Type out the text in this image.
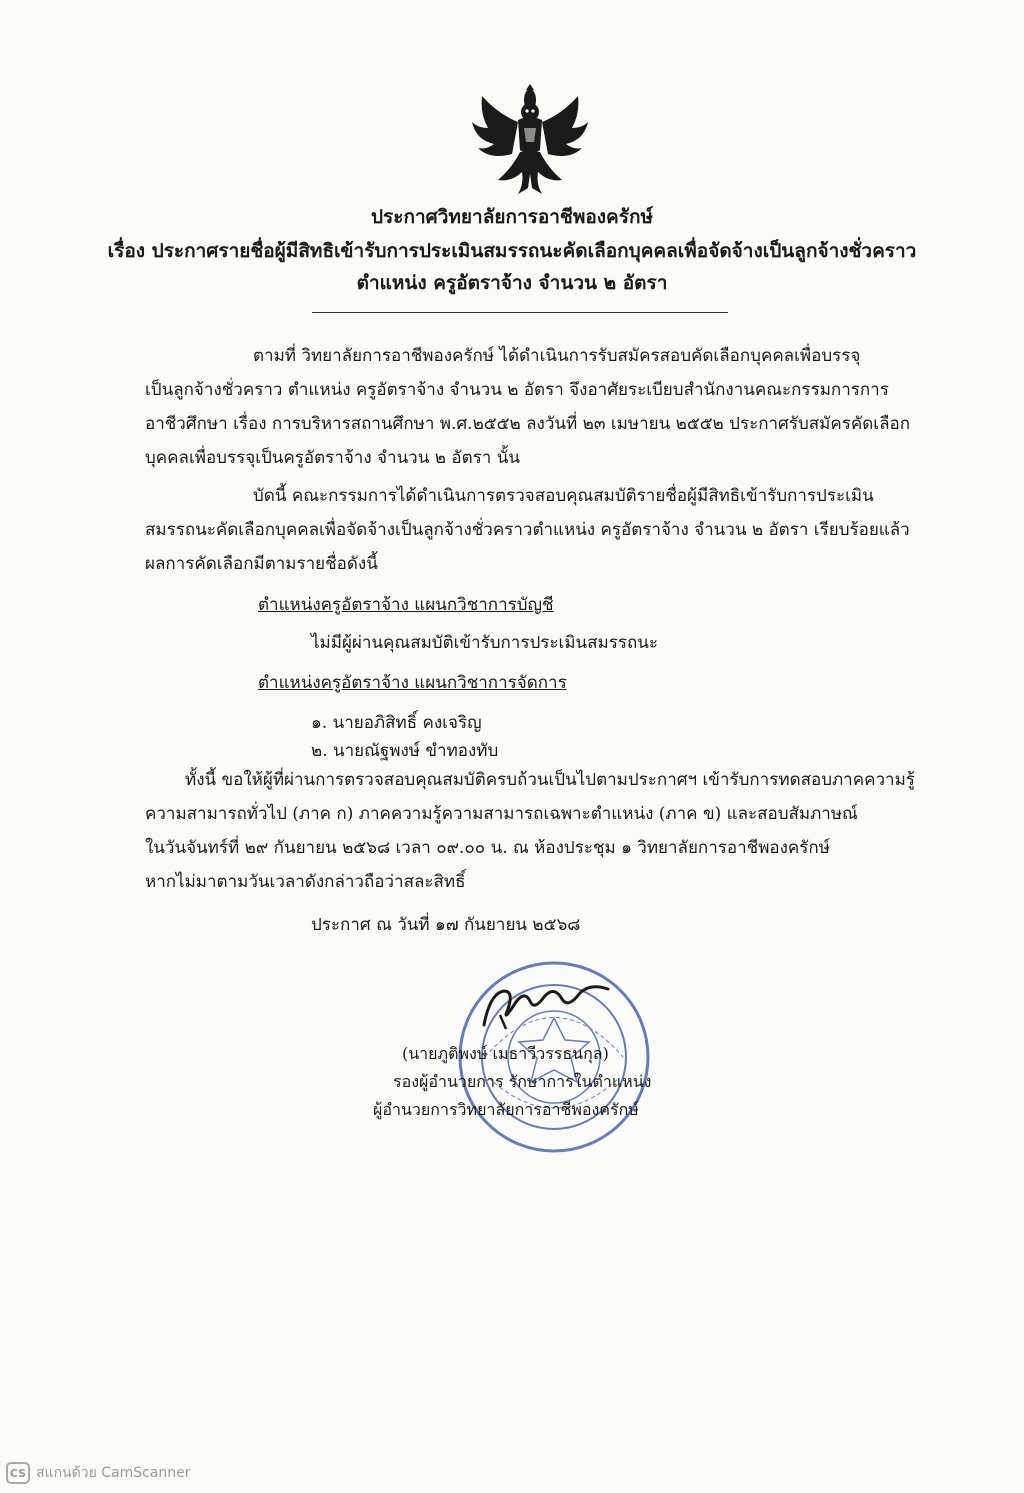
ประกาศวิทยาลัยการอาชีพองครักษ์
เรื่อง ประกาศรายชื่อผู้มีสิทธิเข้ารับการประเมินสมรรถนะคัดเลือกบุคคลเพื่อจัดจ้างเป็นลูกจ้างชั่วคราว
ตำแหน่ง ครูอัตราจ้าง จำนวน ๒ อัตรา

ตามที่ วิทยาลัยการอาชีพองครักษ์ ได้ดำเนินการรับสมัครสอบคัดเลือกบุคคลเพื่อบรรจุ

เป็นลูกจ้างชั่วคราว ตำแหน่ง ครูอัตราจ้าง จำนวน ๒ อัตรา จึงอาศัยระเบียบสำนักงานคณะกรรมการการ

อาชีวศึกษา เรื่อง การบริหารสถานศึกษา พ.ศ.๒๕๕๒ ลงวันที่ ๒๓ เมษายน ๒๕๕๒ ประกาศรับสมัครคัดเลือก

บุคคลเพื่อบรรจุเป็นครูอัตราจ้าง จำนวน ๒ อัตรา นั้น

บัดนี้ คณะกรรมการได้ดำเนินการตรวจสอบคุณสมบัติรายชื่อผู้มีสิทธิเข้ารับการประเมิน

สมรรถนะคัดเลือกบุคคลเพื่อจัดจ้างเป็นลูกจ้างชั่วคราวตำแหน่ง ครูอัตราจ้าง จำนวน ๒ อัตรา เรียบร้อยแล้ว

ผลการคัดเลือกมีตามรายชื่อดังนี้

ตำแหน่งครูอัตราจ้าง แผนกวิชาการบัญชี
ไม่มีผู้ผ่านคุณสมบัติเข้ารับการประเมินสมรรถนะ
ตำแหน่งครูอัตราจ้าง แผนกวิชาการจัดการ
๑. นายอภิสิทธิ์ คงเจริญ
๒. นายณัฐพงษ์ ขำทองทับ

ทั้งนี้ ขอให้ผู้ที่ผ่านการตรวจสอบคุณสมบัติครบถ้วนเป็นไปตามประกาศฯ เข้ารับการทดสอบภาคความรู้

ความสามารถทั่วไป (ภาค ก) ภาคความรู้ความสามารถเฉพาะตำแหน่ง (ภาค ข) และสอบสัมภาษณ์

ในวันจันทร์ที่ ๒๙ กันยายน ๒๕๖๘ เวลา ๐๙.๐๐ น. ณ ห้องประชุม ๑ วิทยาลัยการอาชีพองครักษ์

หากไม่มาตามวันเวลาดังกล่าวถือว่าสละสิทธิ์

ประกาศ ณ วันที่ ๑๗ กันยายน ๒๕๖๘
(นายภูติพงษ์ เมธาวีวรรธนกุล)
รองผู้อำนวยการ รักษาการในตำแหน่ง
ผู้อำนวยการวิทยาลัยการอาชีพองครักษ์
CS สแกนด้วย CamScanner
